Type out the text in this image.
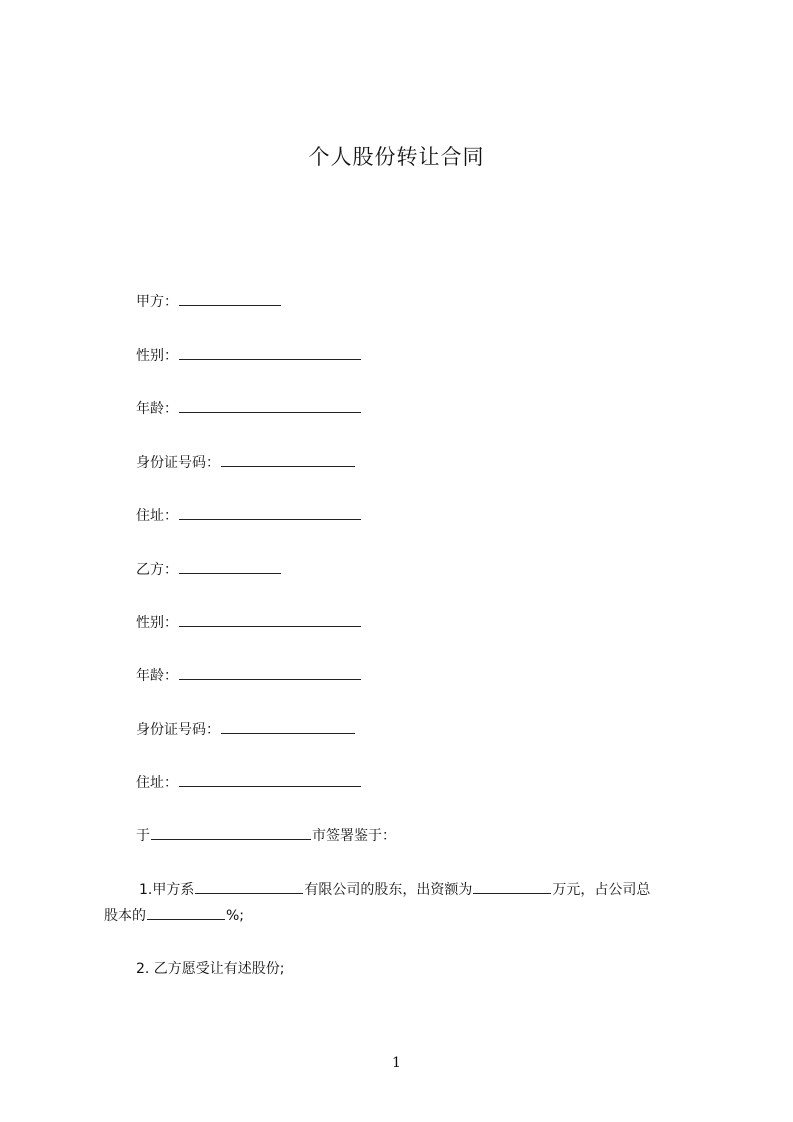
个人股份转让合同
甲方：
性别：
年龄：
身份证号码：
住址：
乙方：
性别：
年龄：
身份证号码：
住址：
于	市签署鉴于：
1.甲方系	有限公司的股东，出资额为	万元，占公司总
股本的	%;
2. 乙方愿受让有述股份;
1
